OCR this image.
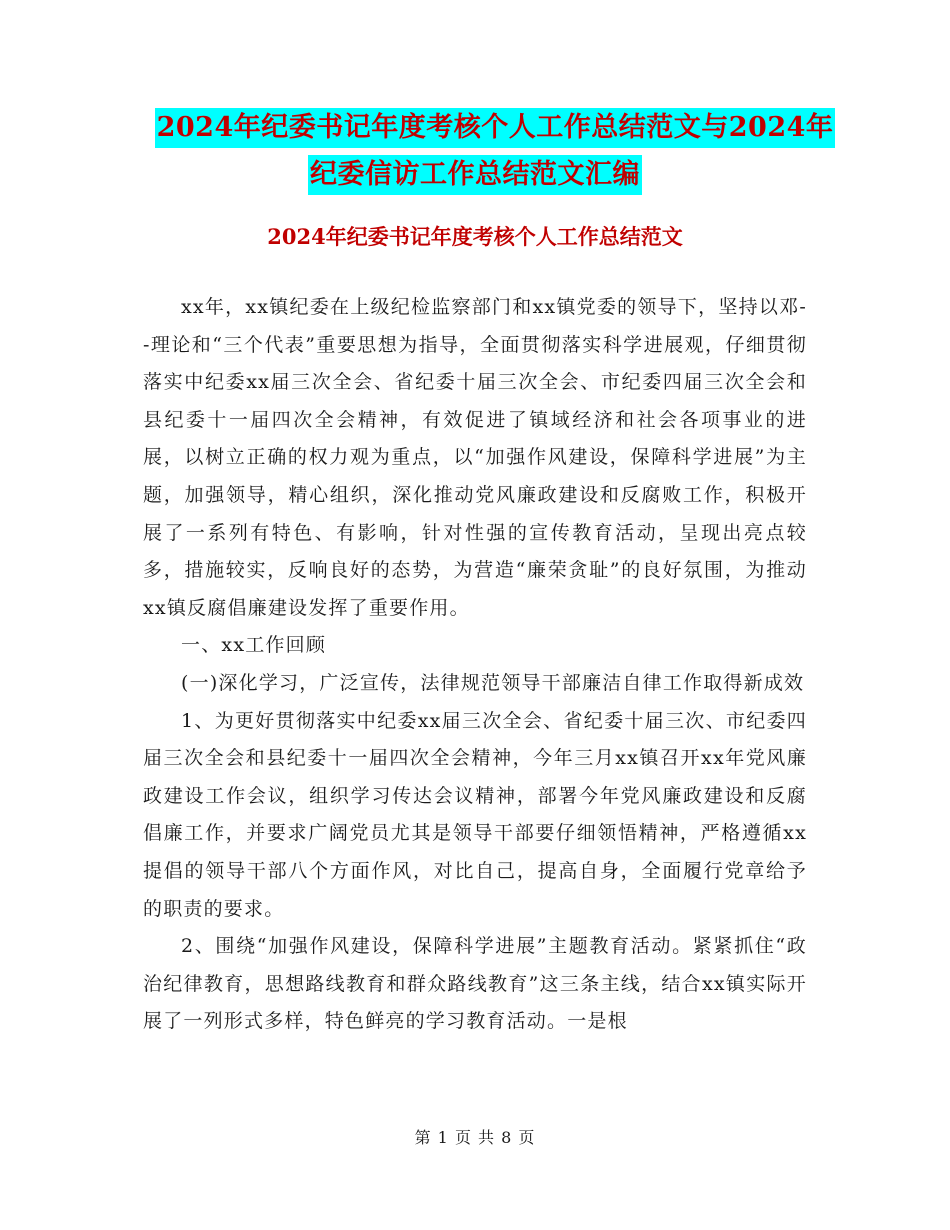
2024年纪委书记年度考核个人工作总结范文与2024年
纪委信访工作总结范文汇编
2024年纪委书记年度考核个人工作总结范文

xx年，xx镇纪委在上级纪检监察部门和xx镇党委的领导下，坚持以邓--理论和“三个代表”重要思想为指导，全面贯彻落实科学进展观，仔细贯彻落实中纪委xx届三次全会、省纪委十届三次全会、市纪委四届三次全会和县纪委十一届四次全会精神，有效促进了镇域经济和社会各项事业的进展，以树立正确的权力观为重点，以“加强作风建设，保障科学进展”为主题，加强领导，精心组织，深化推动党风廉政建设和反腐败工作，积极开展了一系列有特色、有影响，针对性强的宣传教育活动，呈现出亮点较多，措施较实，反响良好的态势，为营造“廉荣贪耻”的良好氛围，为推动xx镇反腐倡廉建设发挥了重要作用。

一、xx工作回顾

(一)深化学习，广泛宣传，法律规范领导干部廉洁自律工作取得新成效

1、为更好贯彻落实中纪委xx届三次全会、省纪委十届三次、市纪委四届三次全会和县纪委十一届四次全会精神，今年三月xx镇召开xx年党风廉政建设工作会议，组织学习传达会议精神，部署今年党风廉政建设和反腐倡廉工作，并要求广阔党员尤其是领导干部要仔细领悟精神，严格遵循xx提倡的领导干部八个方面作风，对比自己，提高自身，全面履行党章给予的职责的要求。

2、围绕“加强作风建设，保障科学进展”主题教育活动。紧紧抓住“政治纪律教育，思想路线教育和群众路线教育”这三条主线，结合xx镇实际开展了一列形式多样，特色鲜亮的学习教育活动。一是根

第 1 页 共 8 页
